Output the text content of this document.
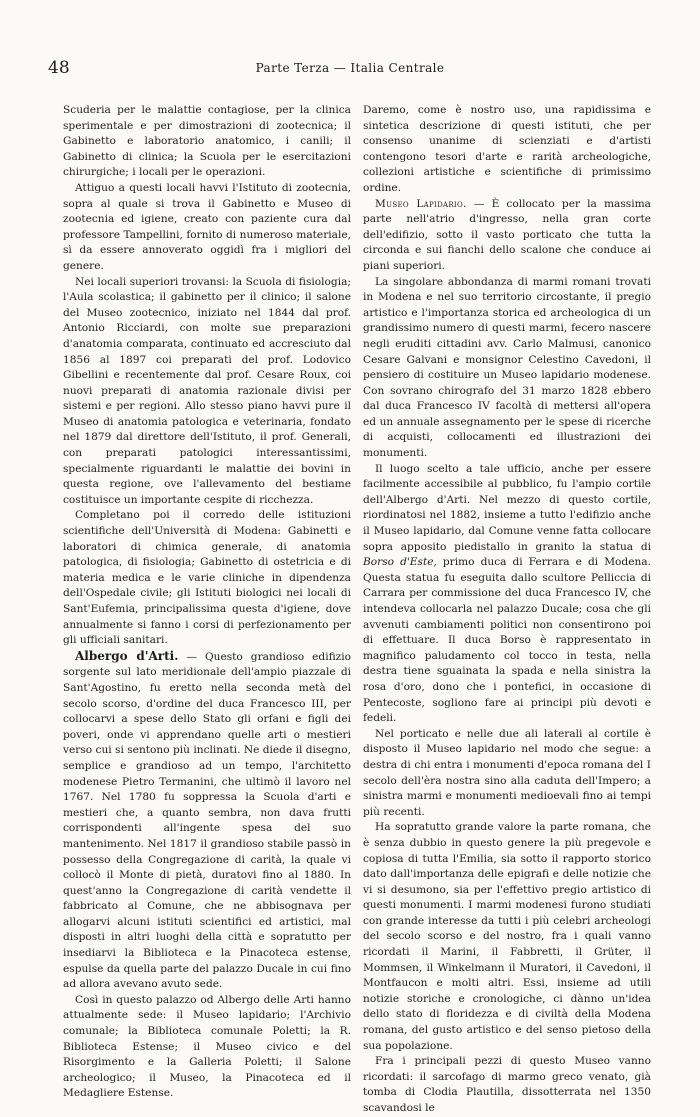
48	Parte Terza — Italia Centrale

Scuderia per le malattie contagiose, per la clinica sperimentale e per dimostrazioni di zootecnica; il Gabinetto e laboratorio anatomico, i canili; il Gabinetto di clinica; la Scuola per le esercitazioni chirurgiche; i locali per le operazioni.

Attiguo a questi locali havvi l'Istituto di zootecnia, sopra al quale si trova il Gabinetto e Museo di zootecnia ed igiene, creato con paziente cura dal professore Tampellini, fornito di numeroso materiale, sì da essere annoverato oggidì fra i migliori del genere.

Nei locali superiori trovansi: la Scuola di fisiologia; l'Aula scolastica; il gabinetto per il clinico; il salone del Museo zootecnico, iniziato nel 1844 dal prof. Antonio Ricciardi, con molte sue preparazioni d'anatomia comparata, continuato ed accresciuto dal 1856 al 1897 coi preparati del prof. Lodovico Gibellini e recentemente dal prof. Cesare Roux, coi nuovi preparati di anatomia razionale divisi per sistemi e per regioni. Allo stesso piano havvi pure il Museo di anatomia patologica e veterinaria, fondato nel 1879 dal direttore dell'Istituto, il prof. Generali, con preparati patologici interessantissimi, specialmente riguardanti le malattie dei bovini in questa regione, ove l'allevamento del bestiame costituisce un importante cespite di ricchezza.

Completano poi il corredo delle istituzioni scientifiche dell'Università di Modena: Gabinetti e laboratori di chimica generale, di anatomia patologica, di fisiologia; Gabinetto di ostetricia e di materia medica e le varie cliniche in dipendenza dell'Ospedale civile; gli Istituti biologici nei locali di Sant'Eufemia, principalissima questa d'igiene, dove annualmente si fanno i corsi di perfezionamento per gli ufficiali sanitari.

Albergo d'Arti. — Questo grandioso edifizio sorgente sul lato meridionale dell'ampio piazzale di Sant'Agostino, fu eretto nella seconda metà del secolo scorso, d'ordine del duca Francesco III, per collocarvi a spese dello Stato gli orfani e figli dei poveri, onde vi apprendano quelle arti o mestieri verso cui si sentono più inclinati. Ne diede il disegno, semplice e grandioso ad un tempo, l'architetto modenese Pietro Termanini, che ultimò il lavoro nel 1767. Nel 1780 fu soppressa la Scuola d'arti e mestieri che, a quanto sembra, non dava frutti corrispondenti all'ingente spesa del suo mantenimento. Nel 1817 il grandioso stabile passò in possesso della Congregazione di carità, la quale vi collocò il Monte di pietà, duratovi fino al 1880. In quest'anno la Congregazione di carità vendette il fabbricato al Comune, che ne abbisognava per allogarvi alcuni istituti scientifici ed artistici, mal disposti in altri luoghi della città e sopratutto per insediarvi la Biblioteca e la Pinacoteca estense, espulse da quella parte del palazzo Ducale in cui fino ad allora avevano avuto sede.

Così in questo palazzo od Albergo delle Arti hanno attualmente sede: il Museo lapidario; l'Archivio comunale; la Biblioteca comunale Poletti; la R. Biblioteca Estense; il Museo civico e del Risorgimento e la Galleria Poletti; il Salone archeologico; il Museo, la Pinacoteca ed il Medagliere Estense.

Daremo, come è nostro uso, una rapidissima e sintetica descrizione di questi istituti, che per consenso unanime di scienziati e d'artisti contengono tesori d'arte e rarità archeologiche, collezioni artistiche e scientifiche di primissimo ordine.

Museo Lapidario. — È collocato per la massima parte nell'atrio d'ingresso, nella gran corte dell'edifizio, sotto il vasto porticato che tutta la circonda e sui fianchi dello scalone che conduce ai piani superiori.

La singolare abbondanza di marmi romani trovati in Modena e nel suo territorio circostante, il pregio artistico e l'importanza storica ed archeologica di un grandissimo numero di questi marmi, fecero nascere negli eruditi cittadini avv. Carlo Malmusi, canonico Cesare Galvani e monsignor Celestino Cavedoni, il pensiero di costituire un Museo lapidario modenese. Con sovrano chirografo del 31 marzo 1828 ebbero dal duca Francesco IV facoltà di mettersi all'opera ed un annuale assegnamento per le spese di ricerche di acquisti, collocamenti ed illustrazioni dei monumenti.

Il luogo scelto a tale ufficio, anche per essere facilmente accessibile al pubblico, fu l'ampio cortile dell'Albergo d'Arti. Nel mezzo di questo cortile, riordinatosi nel 1882, insieme a tutto l'edifizio anche il Museo lapidario, dal Comune venne fatta collocare sopra apposito piedistallo in granito la statua di Borso d'Este, primo duca di Ferrara e di Modena. Questa statua fu eseguita dallo scultore Pelliccia di Carrara per commissione del duca Francesco IV, che intendeva collocarla nel palazzo Ducale; cosa che gli avvenuti cambiamenti politici non consentirono poi di effettuare. Il duca Borso è rappresentato in magnifico paludamento col tocco in testa, nella destra tiene sguainata la spada e nella sinistra la rosa d'oro, dono che i pontefici, in occasione di Pentecoste, sogliono fare ai principi più devoti e fedeli.

Nel porticato e nelle due ali laterali al cortile è disposto il Museo lapidario nel modo che segue: a destra di chi entra i monumenti d'epoca romana del I secolo dell'èra nostra sino alla caduta dell'Impero; a sinistra marmi e monumenti medioevali fino ai tempi più recenti.

Ha sopratutto grande valore la parte romana, che è senza dubbio in questo genere la più pregevole e copiosa di tutta l'Emilia, sia sotto il rapporto storico dato dall'importanza delle epigrafi e delle notizie che vi si desumono, sia per l'effettivo pregio artistico di questi monumenti. I marmi modenesi furono studiati con grande interesse da tutti i più celebri archeologi del secolo scorso e del nostro, fra i quali vanno ricordati il Marini, il Fabbretti, il Grüter, il Mommsen, il Winkelmann il Muratori, il Cavedoni, il Montfaucon e molti altri. Essi, insieme ad utili notizie storiche e cronologiche, ci dànno un'idea dello stato di floridezza e di civiltà della Modena romana, del gusto artistico e del senso pietoso della sua popolazione.

Fra i principali pezzi di questo Museo vanno ricordati: il sarcofago di marmo greco venato, già tomba di Clodia Plautilla, dissotterrata nel 1350 scavandosi le
